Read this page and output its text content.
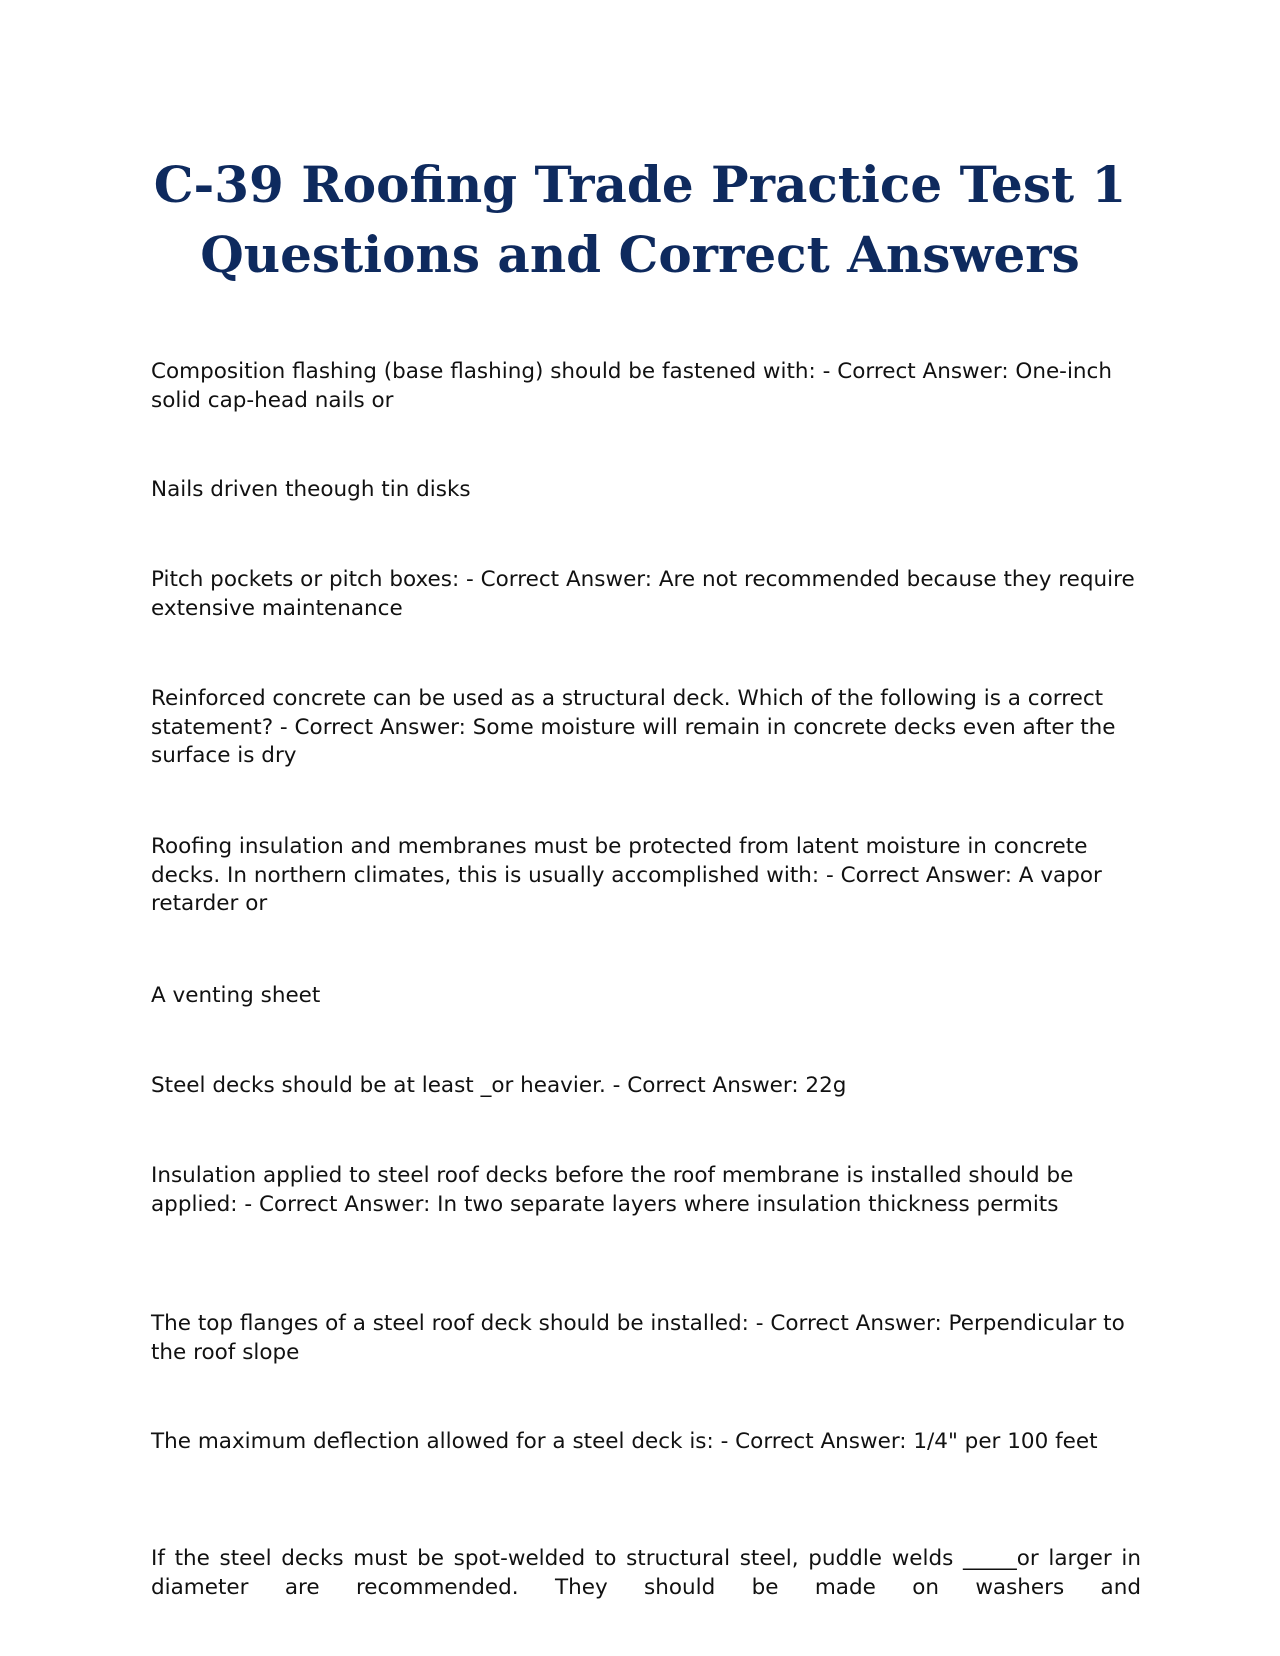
C-39 Roofing Trade Practice Test 1
Questions and Correct Answers

Composition flashing (base flashing) should be fastened with: - Correct Answer: One-inch solid cap-head nails or

Nails driven theough tin disks

Pitch pockets or pitch boxes: - Correct Answer: Are not recommended because they require extensive maintenance

Reinforced concrete can be used as a structural deck. Which of the following is a correct statement? - Correct Answer: Some moisture will remain in concrete decks even after the surface is dry

Roofing insulation and membranes must be protected from latent moisture in concrete decks. In northern climates, this is usually accomplished with: - Correct Answer: A vapor retarder or

A venting sheet

Steel decks should be at least _or heavier. - Correct Answer: 22g

Insulation applied to steel roof decks before the roof membrane is installed should be applied: - Correct Answer: In two separate layers where insulation thickness permits

The top flanges of a steel roof deck should be installed: - Correct Answer: Perpendicular to the roof slope

The maximum deflection allowed for a steel deck is: - Correct Answer: 1/4" per 100 feet

If the steel decks must be spot-welded to structural steel, puddle welds _____or larger in diameter are recommended. They should be made on washers and
